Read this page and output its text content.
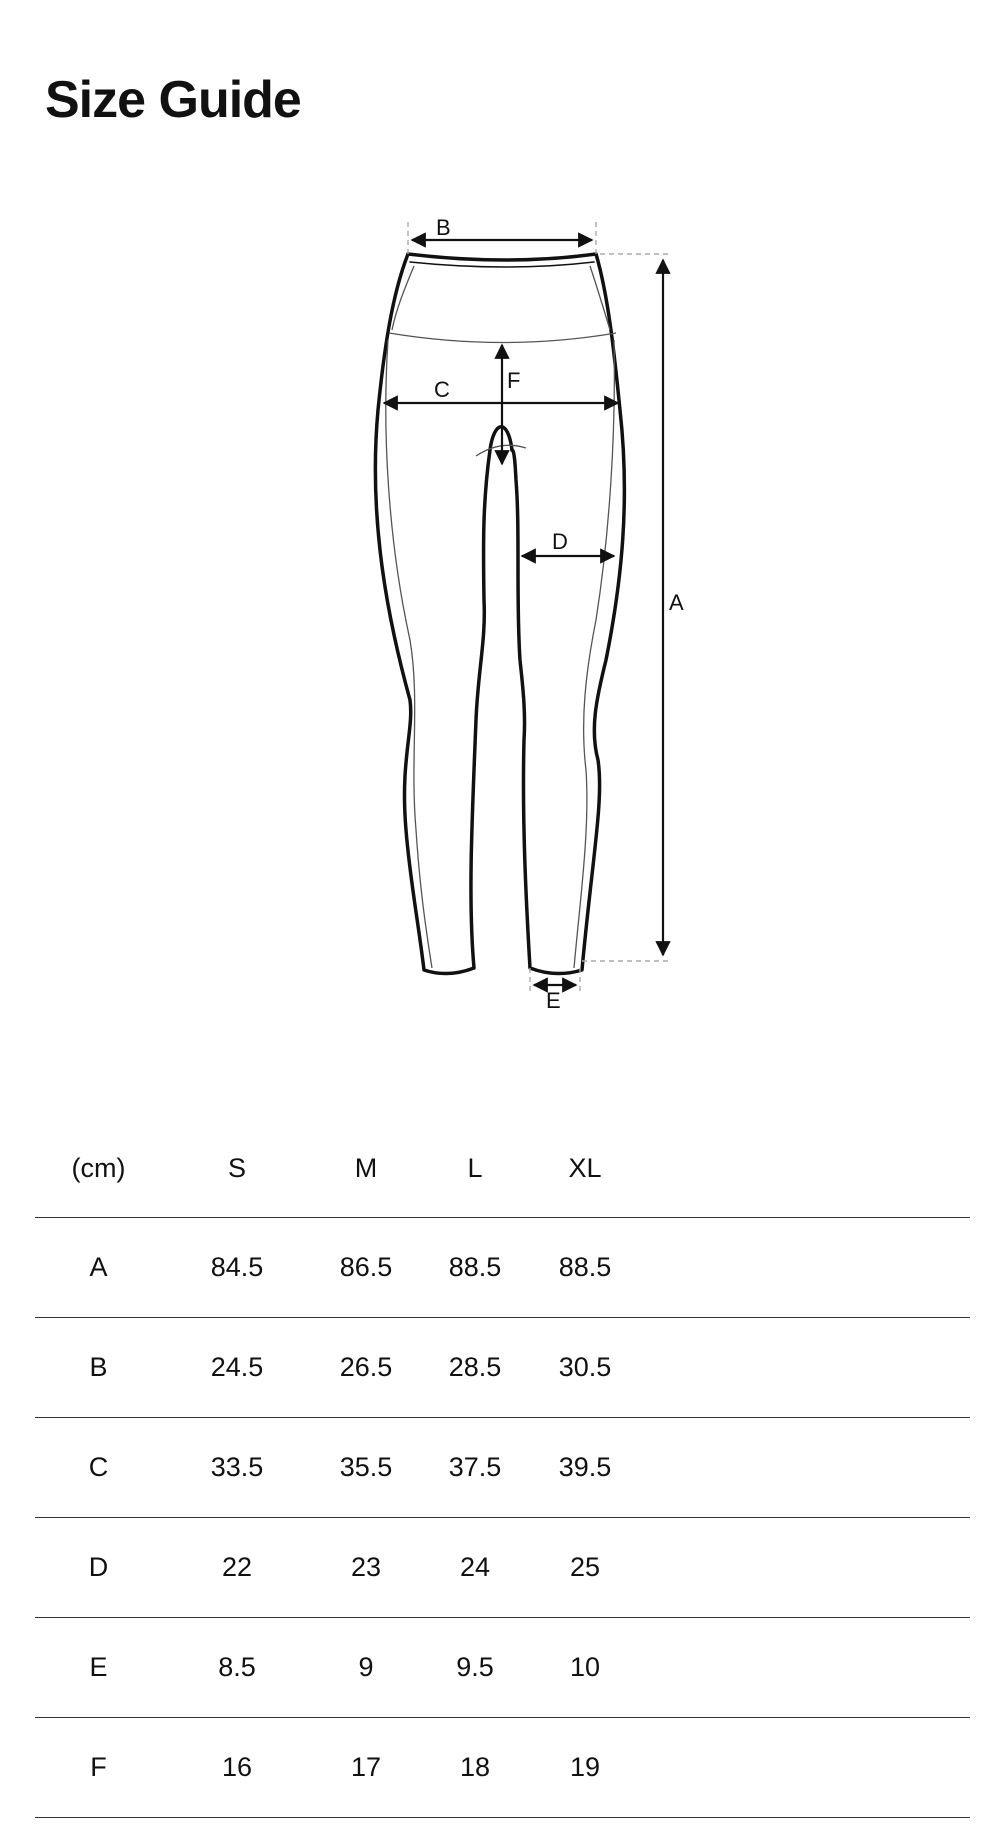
Size Guide
B
C	F
D
A
E
(cm)	S	M	L	XL	
A	84.5	86.5	88.5	88.5	
B	24.5	26.5	28.5	30.5	
C	33.5	35.5	37.5	39.5	
D	22	23	24	25	
E	8.5	9	9.5	10	
F	16	17	18	19	
